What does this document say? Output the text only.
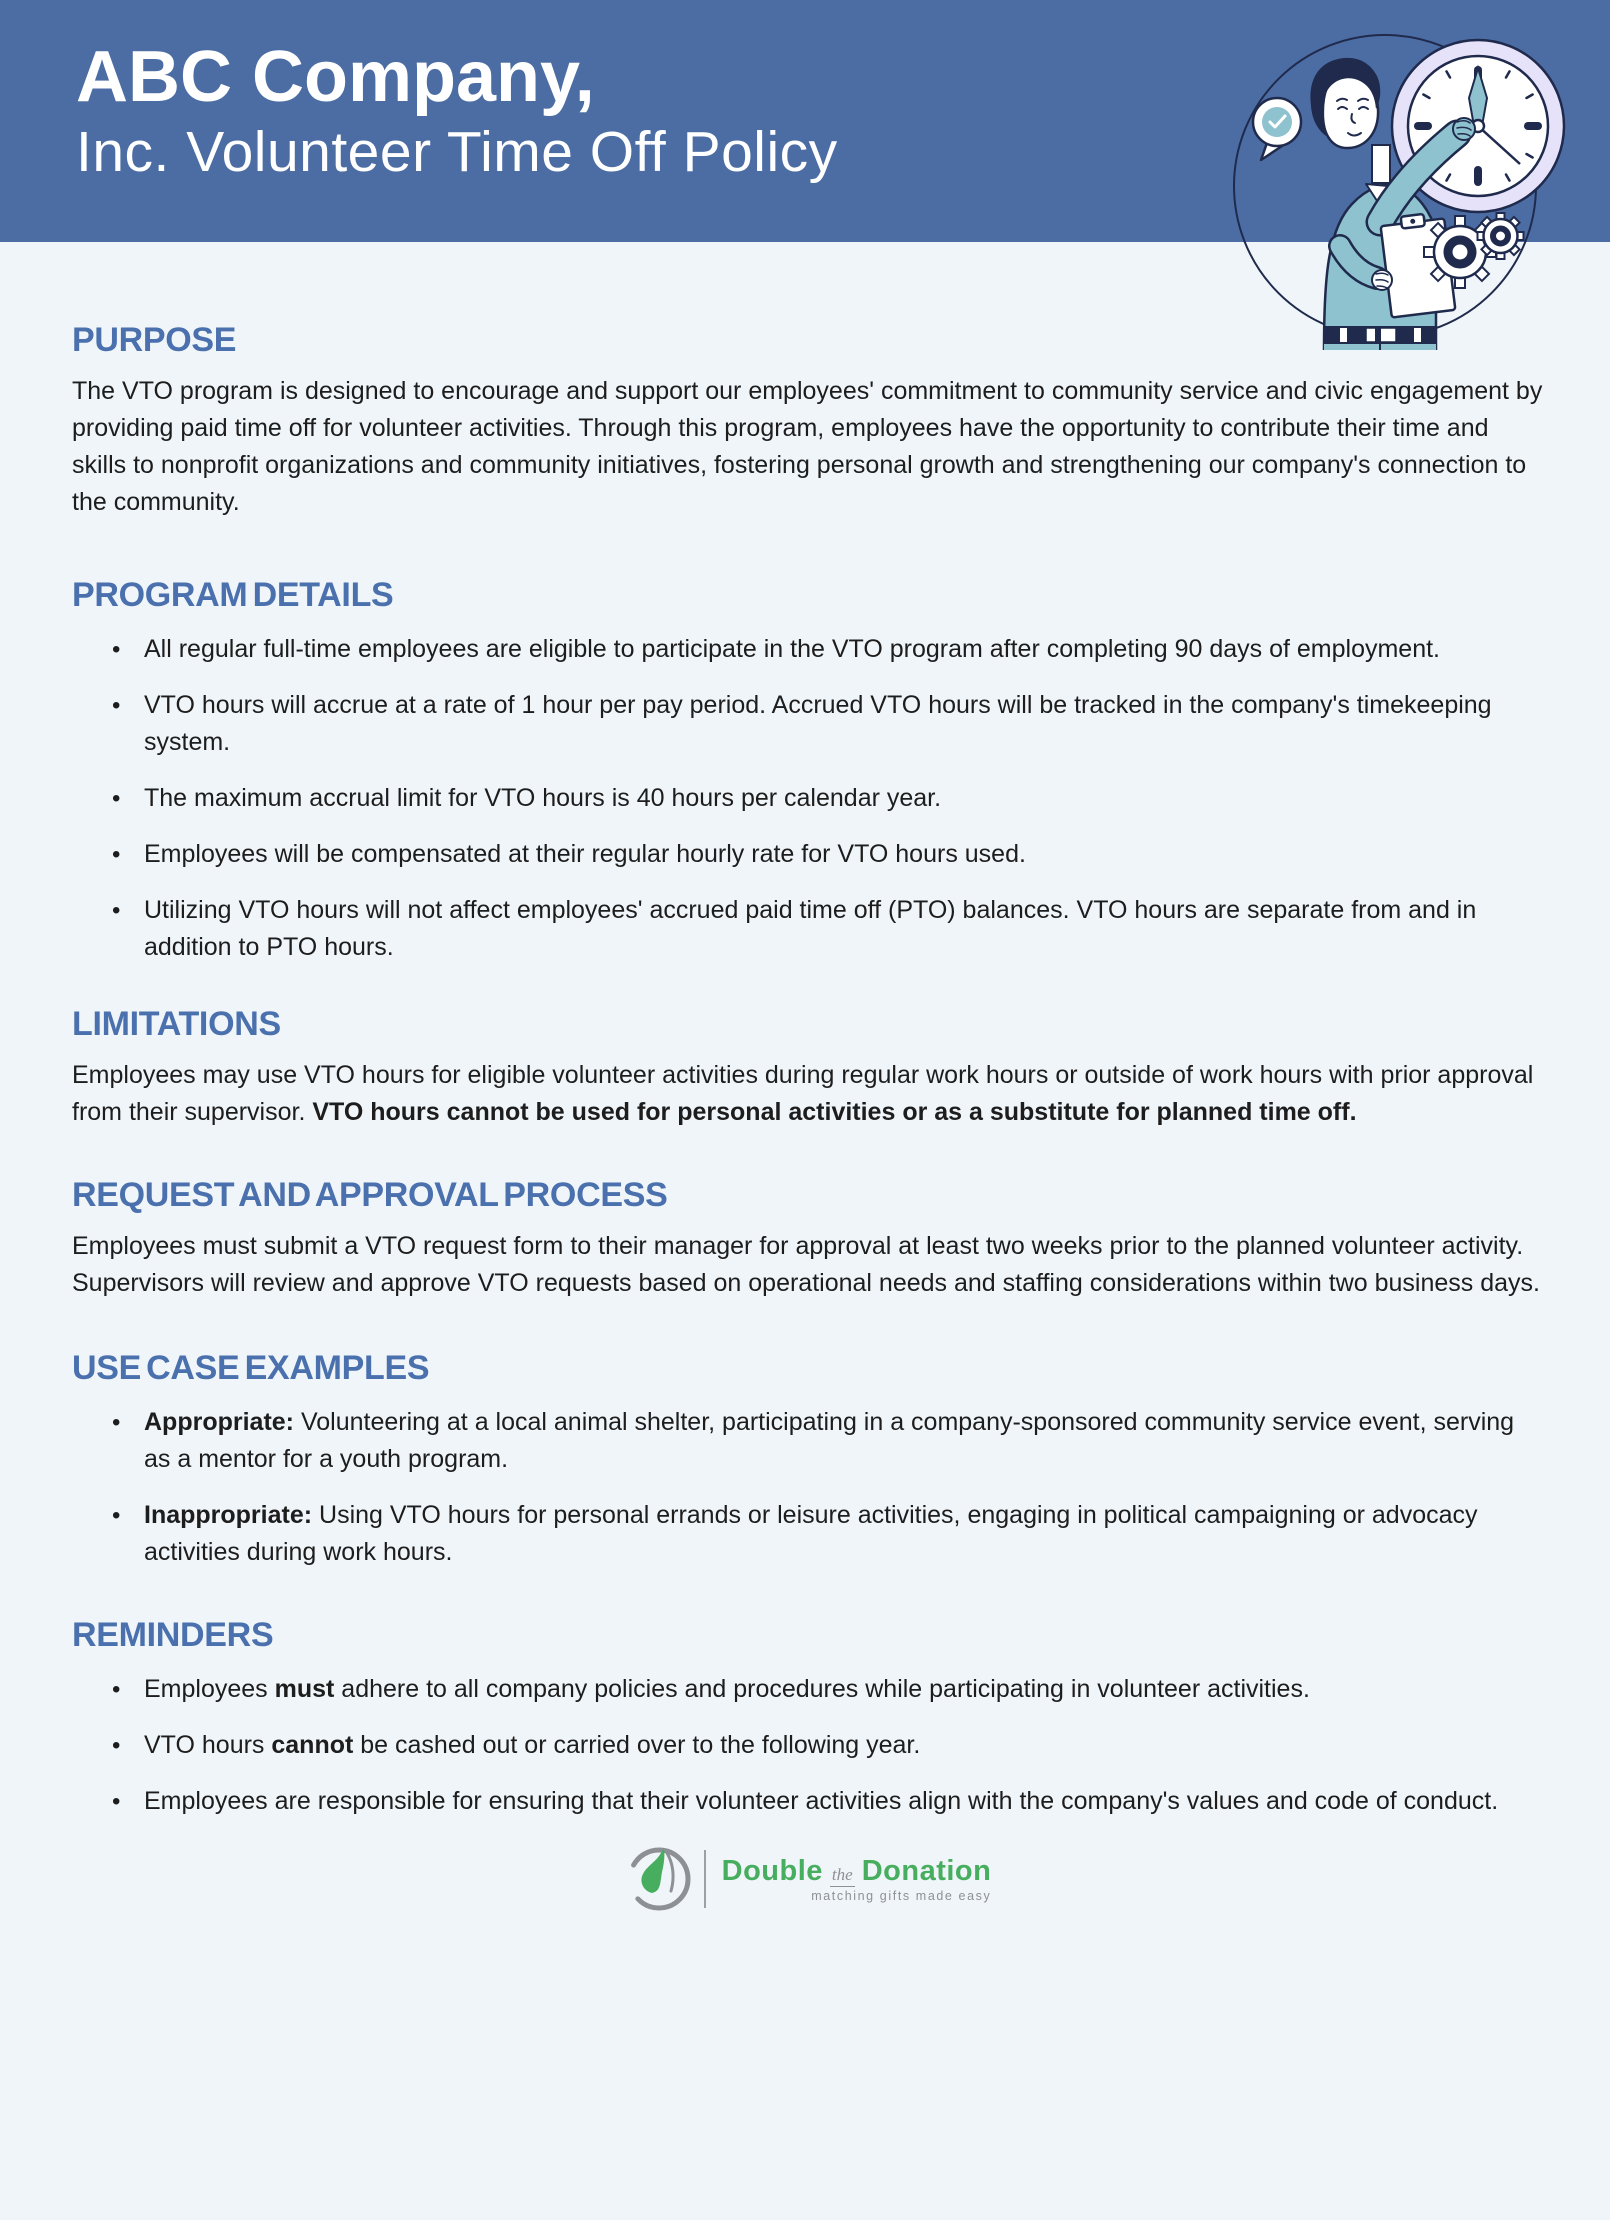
ABC Company,
Inc. Volunteer Time Off Policy
PURPOSE

The VTO program is designed to encourage and support our employees' commitment to community service and civic engagement by providing paid time off for volunteer activities. Through this program, employees have the opportunity to contribute their time and skills to nonprofit organizations and community initiatives, fostering personal growth and strengthening our company's connection to the community.

PROGRAM DETAILS
• All regular full-time employees are eligible to participate in the VTO program after completing 90 days of employment.
• VTO hours will accrue at a rate of 1 hour per pay period. Accrued VTO hours will be tracked in the company's timekeeping system.
• The maximum accrual limit for VTO hours is 40 hours per calendar year.
• Employees will be compensated at their regular hourly rate for VTO hours used.
• Utilizing VTO hours will not affect employees' accrued paid time off (PTO) balances. VTO hours are separate from and in addition to PTO hours.
LIMITATIONS

Employees may use VTO hours for eligible volunteer activities during regular work hours or outside of work hours with prior approval from their supervisor. VTO hours cannot be used for personal activities or as a substitute for planned time off.

REQUEST AND APPROVAL PROCESS

Employees must submit a VTO request form to their manager for approval at least two weeks prior to the planned volunteer activity. Supervisors will review and approve VTO requests based on operational needs and staffing considerations within two business days.

USE CASE EXAMPLES
• Appropriate: Volunteering at a local animal shelter, participating in a company-sponsored community service event, serving as a mentor for a youth program.
• Inappropriate: Using VTO hours for personal errands or leisure activities, engaging in political campaigning or advocacy activities during work hours.
REMINDERS
• Employees must adhere to all company policies and procedures while participating in volunteer activities.
• VTO hours cannot be cashed out or carried over to the following year.
• Employees are responsible for ensuring that their volunteer activities align with the company's values and code of conduct.
Double the Donation
matching gifts made easy
